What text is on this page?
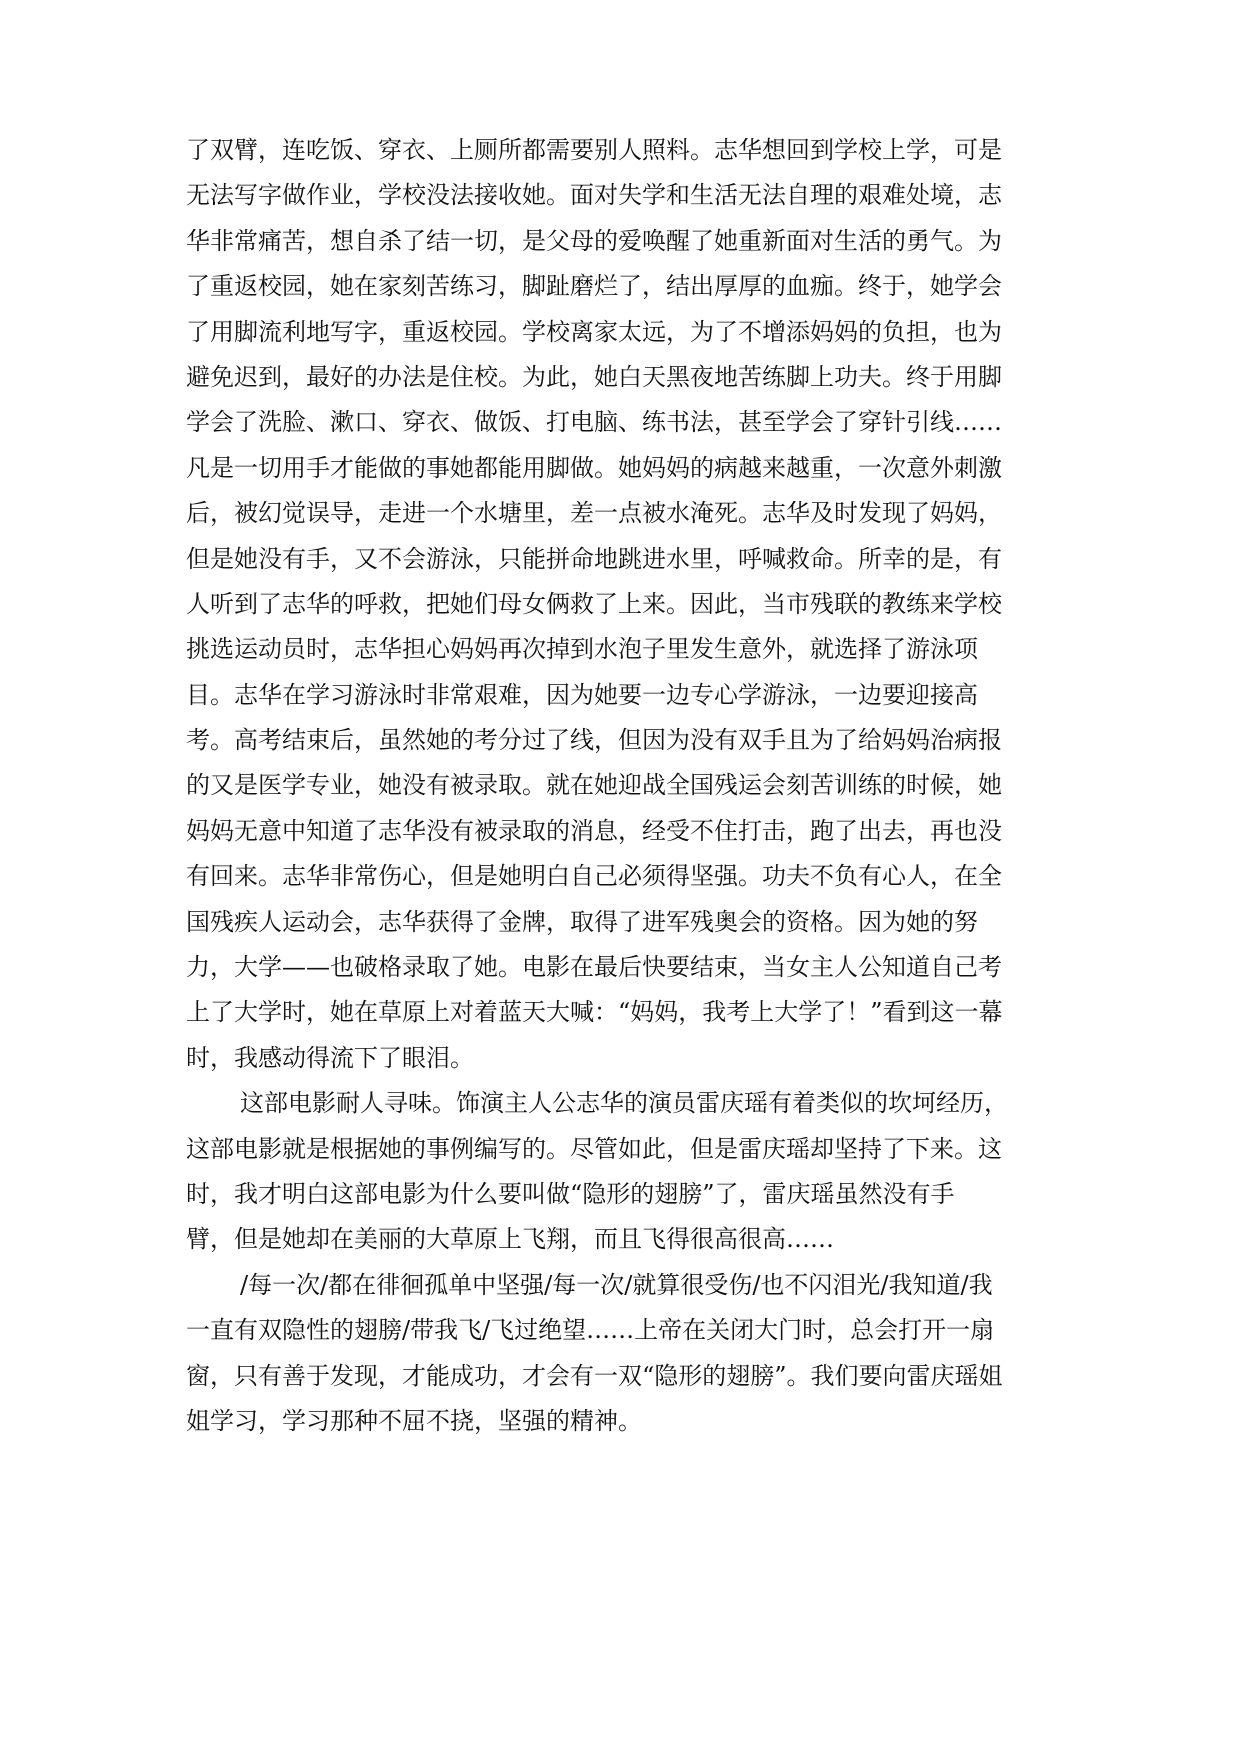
了双臂，连吃饭、穿衣、上厕所都需要别人照料。志华想回到学校上学，可是
无法写字做作业，学校没法接收她。面对失学和生活无法自理的艰难处境，志
华非常痛苦，想自杀了结一切，是父母的爱唤醒了她重新面对生活的勇气。为
了重返校园，她在家刻苦练习，脚趾磨烂了，结出厚厚的血痂。终于，她学会
了用脚流利地写字，重返校园。学校离家太远，为了不增添妈妈的负担，也为
避免迟到，最好的办法是住校。为此，她白天黑夜地苦练脚上功夫。终于用脚
学会了洗脸、漱口、穿衣、做饭、打电脑、练书法，甚至学会了穿针引线……
凡是一切用手才能做的事她都能用脚做。她妈妈的病越来越重，一次意外刺激
后，被幻觉误导，走进一个水塘里，差一点被水淹死。志华及时发现了妈妈，
但是她没有手，又不会游泳，只能拼命地跳进水里，呼喊救命。所幸的是，有
人听到了志华的呼救，把她们母女俩救了上来。因此，当市残联的教练来学校
挑选运动员时，志华担心妈妈再次掉到水泡子里发生意外，就选择了游泳项
目。志华在学习游泳时非常艰难，因为她要一边专心学游泳，一边要迎接高
考。高考结束后，虽然她的考分过了线，但因为没有双手且为了给妈妈治病报
的又是医学专业，她没有被录取。就在她迎战全国残运会刻苦训练的时候，她
妈妈无意中知道了志华没有被录取的消息，经受不住打击，跑了出去，再也没
有回来。志华非常伤心，但是她明白自己必须得坚强。功夫不负有心人，在全
国残疾人运动会，志华获得了金牌，取得了进军残奥会的资格。因为她的努
力，大学——也破格录取了她。电影在最后快要结束，当女主人公知道自己考
上了大学时，她在草原上对着蓝天大喊：“妈妈，我考上大学了！”看到这一幕
时，我感动得流下了眼泪。
这部电影耐人寻味。饰演主人公志华的演员雷庆瑶有着类似的坎坷经历，
这部电影就是根据她的事例编写的。尽管如此，但是雷庆瑶却坚持了下来。这
时，我才明白这部电影为什么要叫做“隐形的翅膀”了，雷庆瑶虽然没有手
臂，但是她却在美丽的大草原上飞翔，而且飞得很高很高……
/每一次/都在徘徊孤单中坚强/每一次/就算很受伤/也不闪泪光/我知道/我
一直有双隐性的翅膀/带我飞/飞过绝望……上帝在关闭大门时，总会打开一扇
窗，只有善于发现，才能成功，才会有一双“隐形的翅膀”。我们要向雷庆瑶姐
姐学习，学习那种不屈不挠，坚强的精神。
